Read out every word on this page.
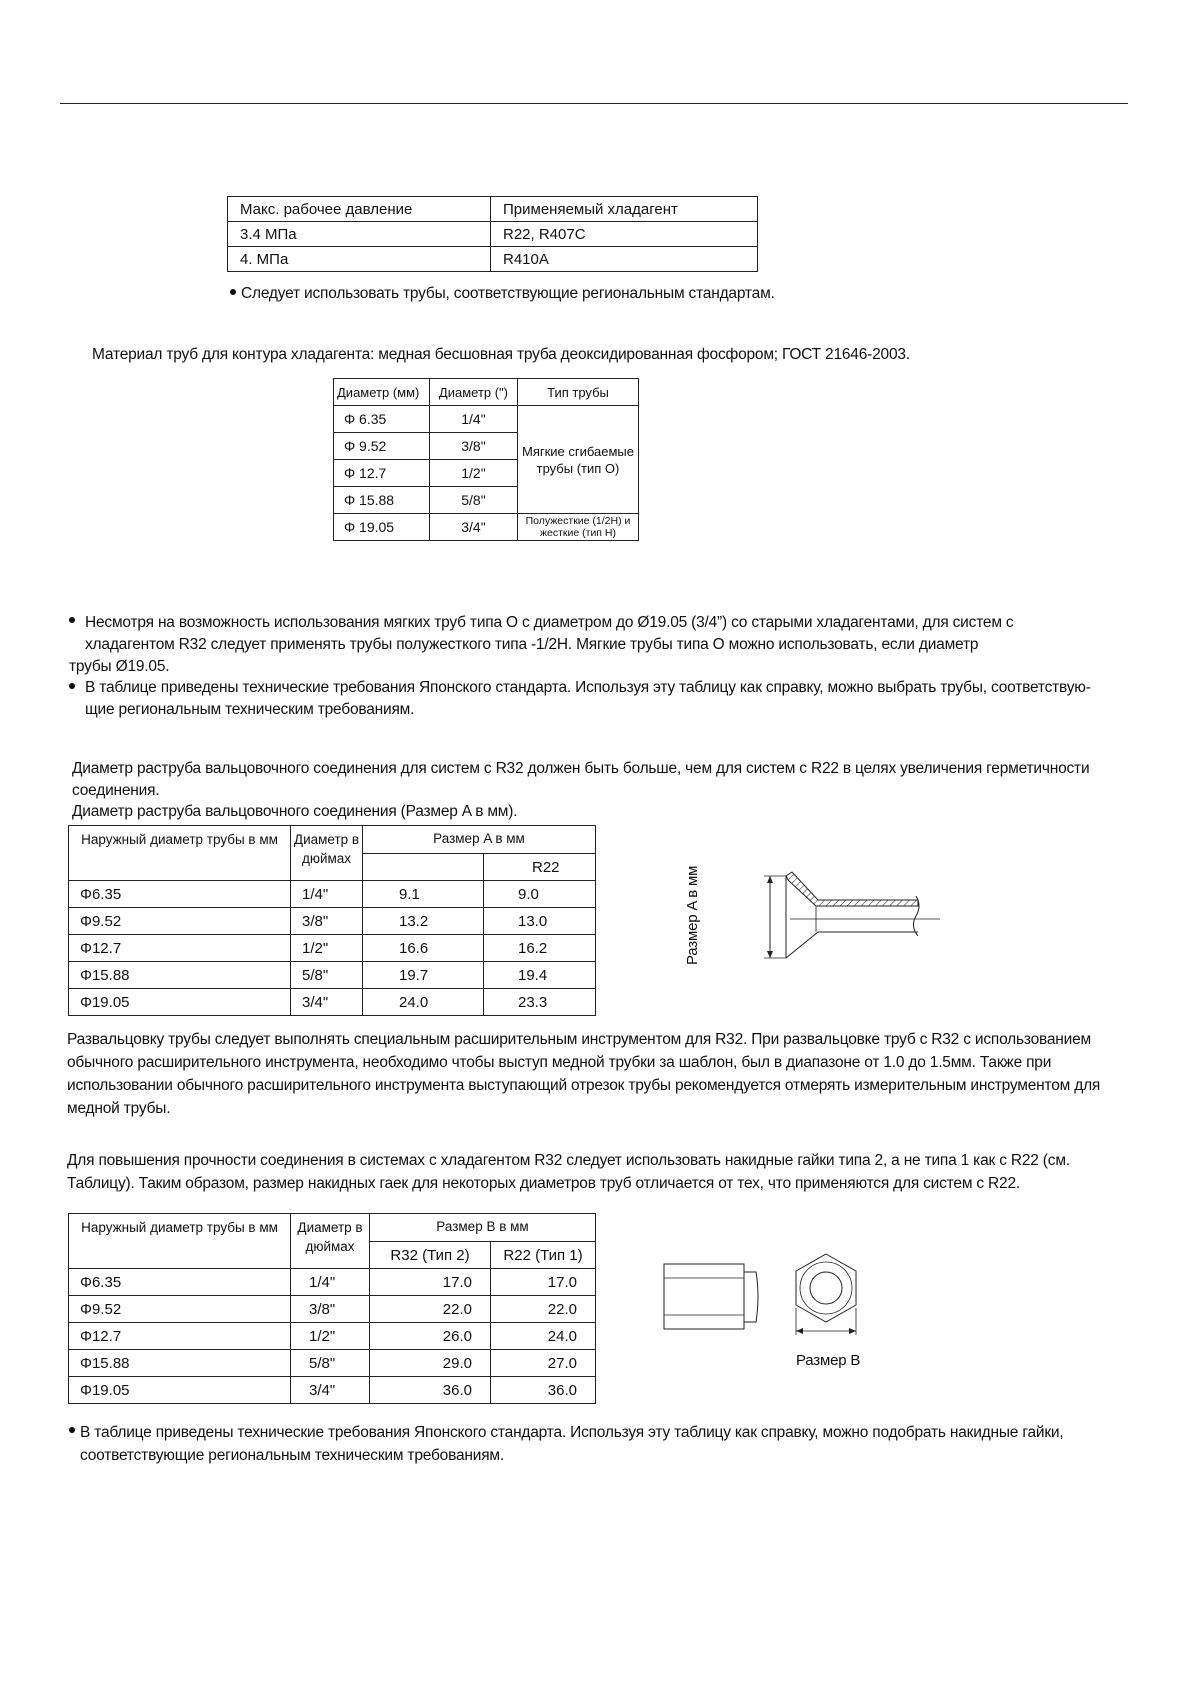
Макс. рабочее давление	Применяемый хладагент
3.4 МПа	R22, R407C
4. МПа	R410A
Следует использовать трубы, соответствующие региональным стандартам.
Материал труб для контура хладагента: медная бесшовная труба деоксидированная фосфором; ГОСТ 21646-2003.
Диаметр (мм)	Диаметр (")	Тип трубы
Φ 6.35	1/4"	Мягкие сгибаемые трубы (тип О)

Φ 9.52	3/8"	
Φ 12.7	1/2"	
Φ 15.88	5/8"	
Φ 19.05	3/4"	Полужесткие (1/2H) и жесткие (тип H)
Несмотря на возможность использования мягких труб типа О с диаметром до Ø19.05 (3/4”) со старыми хладагентами, для систем с
хладагентом R32 следует применять трубы полужесткого типа -1/2H. Мягкие трубы типа О можно использовать, если диаметр
трубы Ø19.05.
В таблице приведены технические требования Японского стандарта. Используя эту таблицу как справку, можно выбрать трубы, соответствую-
щие региональным техническим требованиям.
Диаметр раструба вальцовочного соединения для систем с R32 должен быть больше, чем для систем с R22 в целях увеличения герметичности
соединения.
Диаметр раструба вальцовочного соединения (Размер A в мм).
Наружный диаметр трубы в мм	Диаметр в дюймах	Размер A в мм	
			R22
Φ6.35	1/4"	9.1	9.0
Φ9.52	3/8"	13.2	13.0
Φ12.7	1/2"	16.6	16.2
Φ15.88	5/8"	19.7	19.4
Φ19.05	3/4"	24.0	23.3
Размер A в мм
Развальцовку трубы следует выполнять специальным расширительным инструментом для R32. При развальцовке труб с R32 с использованием
обычного расширительного инструмента, необходимо чтобы выступ медной трубки за шаблон, был в диапазоне от 1.0 до 1.5мм. Также при
использовании обычного расширительного инструмента выступающий отрезок трубы рекомендуется отмерять измерительным инструментом для
медной трубы.
Для повышения прочности соединения в системах с хладагентом R32 следует использовать накидные гайки типа 2, а не типа 1 как с R22 (см.
Таблицу). Таким образом, размер накидных гаек для некоторых диаметров труб отличается от тех, что применяются для систем с R22.
Наружный диаметр трубы в мм	Диаметр в дюймах	Размер B в мм	
		R32 (Тип 2)	R22 (Тип 1)
Φ6.35	1/4"	17.0	17.0
Φ9.52	3/8"	22.0	22.0
Φ12.7	1/2"	26.0	24.0
Φ15.88	5/8"	29.0	27.0
Φ19.05	3/4"	36.0	36.0
Размер B
В таблице приведены технические требования Японского стандарта. Используя эту таблицу как справку, можно подобрать накидные гайки,
соответствующие региональным техническим требованиям.
